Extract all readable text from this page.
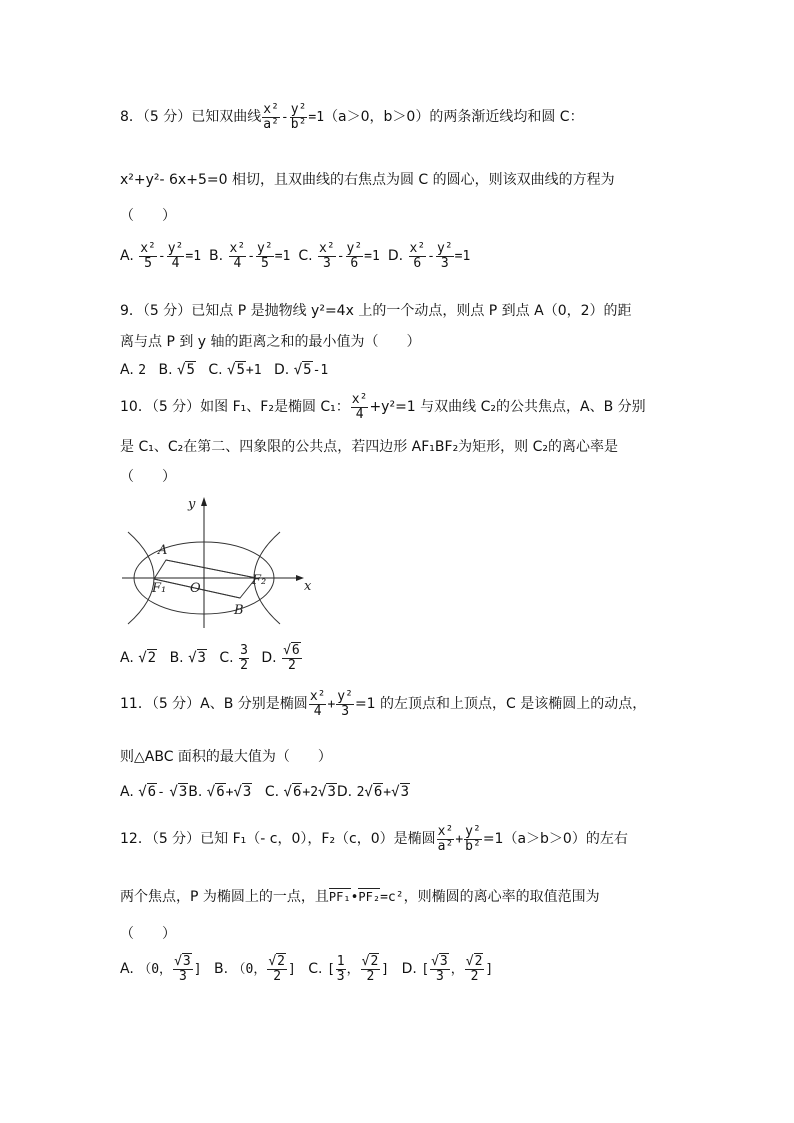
8．（5 分）已知双曲线 $\frac{\text{x²}}{\text{a²}} - \frac{\text{y²}}{\text{b²}} =1(a>0$，b＞0）的两条渐近线均和圆 C：
x²+y²‐ 6x+5=0 相切，且双曲线的右焦点为圆 C 的圆心，则该双曲线的方程为
（　　）
A. $\frac{\text{x²}}{5} - \frac{\text{y²}}{4} =1$ B. $\frac{\text{x²}}{4} - \frac{\text{y²}}{5} =1$ C. $\frac{\text{x²}}{3} - \frac{\text{y²}}{6} =1$ D. $\frac{\text{x²}}{6} - \frac{\text{y²}}{3} =1$
9．（5 分）已知点 P 是抛物线 y²=4x 上的一个动点，则点 P 到点 A（0，2）的距
离与点 P 到 y 轴的距离之和的最小值为（　　）
A. 2 B. √5 C. √5+1 D. √5‐1
10．（5 分）如图 F₁、F₂是椭圆 C₁： $\frac{\text{x²}}{4} +y^2=1$ 与双曲线 C₂的公共焦点，A、B 分别
是 C₁、C₂在第二、四象限的公共点，若四边形 AF₁BF₂为矩形，则 C₂的离心率是
（　　）
y
x
A
B
O
F₁
F₂
A. √2 B. √3 C. $\frac{3}{2} D$. $\frac{√6}{2}$
11．（5 分）A、B 分别是椭圆 $\frac{\text{x²}}{4} + \frac{\text{y²}}{3} =1$ 的左顶点和上顶点，C 是该椭圆上的动点，
则△ABC 面积的最大值为（　　）
A. √6‐ √3B. √6+√3 C. √6+2√3D. 2√6+√3
12．（5 分）已知 F₁（‐ c，0），F₂（c，0）是椭圆 $\frac{\text{x²}}{\text{a²}} + \frac{\text{y²}}{\text{b²}} =1(a>b>0)$的左右
两个焦点，P 为椭圆上的一点，且PF₁•PF₂=c²，则椭圆的离心率的取值范围为
（　　）
A. （0， $\frac{√3}{3}$ ] B. （0， $\frac{√2}{2}$ ] C. [ $\frac{1}{3}$ ， $\frac{√2}{2}$ ] D. [ $\frac{√3}{3}$ ， $\frac{√2}{2}$ ]
